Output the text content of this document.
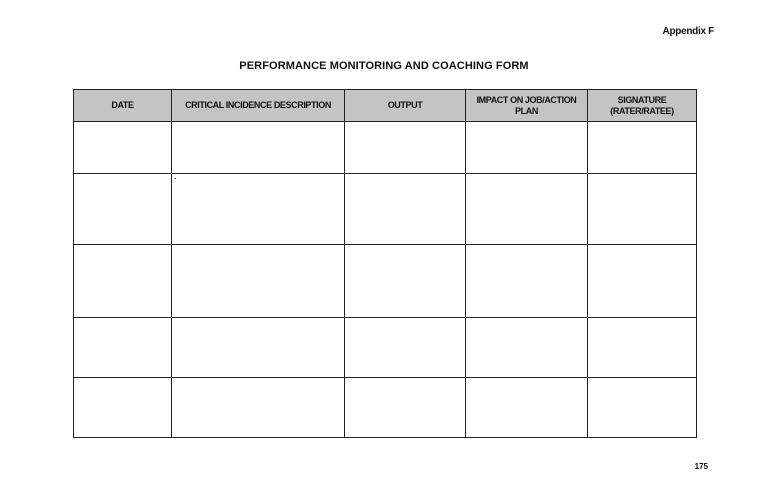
Appendix F
PERFORMANCE MONITORING AND COACHING FORM
DATE	CRITICAL INCIDENCE DESCRIPTION	OUTPUT	IMPACT ON JOB/ACTION PLAN	SIGNATURE (RATER/RATEE)

175
